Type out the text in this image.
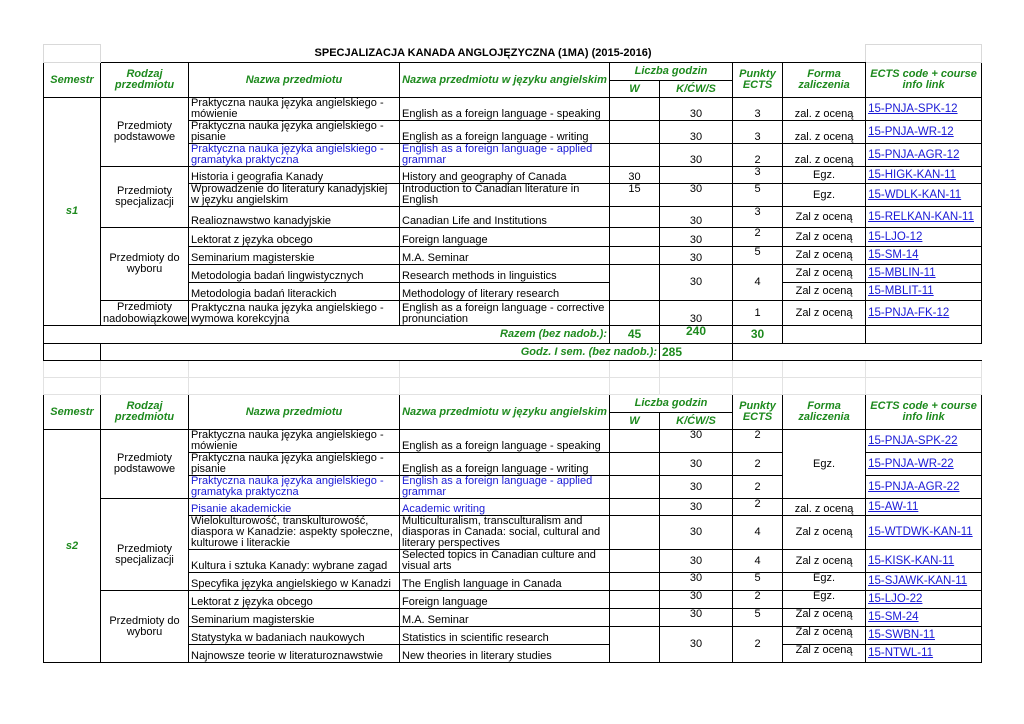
	SPECJALIZACJA KANADA ANGLOJĘZYCZNA (1MA) (2015-2016)							
Semestr	Rodzaj przedmiotu	Nazwa przedmiotu	Nazwa przedmiotu w języku angielskim	Liczba godzin		Punkty ECTS	Forma zaliczenia	ECTS code + course info link
				W	K/ĆW/S			
s1	Przedmioty podstawowe	Praktyczna nauka języka angielskiego - mówienie	English as a foreign language - speaking		30	3	zal. z oceną	15-PNJA-SPK-12
		Praktyczna nauka języka angielskiego - pisanie	English as a foreign language - writing		30	3	zal. z oceną	15-PNJA-WR-12
		Praktyczna nauka języka angielskiego - gramatyka praktyczna	English as a foreign language - applied grammar		30	2	zal. z oceną	15-PNJA-AGR-12
	Przedmioty specjalizacji	Historia i geografia Kanady	History and geography of Canada	30		3	Egz.	15-HIGK-KAN-11
		Wprowadzenie do literatury kanadyjskiej w języku angielskim	Introduction to Canadian literature in English	15	30	5	Egz.	15-WDLK-KAN-11
		Realioznawstwo kanadyjskie	Canadian Life and Institutions		30	3	Zal z oceną	15-RELKAN-KAN-11
	Przedmioty do wyboru	Lektorat z języka obcego	Foreign language		30	2	Zal z oceną	15-LJO-12
		Seminarium magisterskie	M.A. Seminar		30	5	Zal z oceną	15-SM-14
		Metodologia badań lingwistycznych	Research methods in linguistics		30	4	Zal z oceną	15-MBLIN-11
		Metodologia badań literackich	Methodology of literary research				Zal z oceną	15-MBLIT-11
	Przedmioty nadobowiązkowe	Praktyczna nauka języka angielskiego - wymowa korekcyjna	English as a foreign language - corrective pronunciation		30	1	Zal z oceną	15-PNJA-FK-12
Razem (bez nadob.):				45	240	30		
	Godz. I sem. (bez nadob.):				285			

Semestr	Rodzaj przedmiotu	Nazwa przedmiotu	Nazwa przedmiotu w języku angielskim	Liczba godzin		Punkty ECTS	Forma zaliczenia	ECTS code + course info link
				W	K/ĆW/S			
s2	Przedmioty podstawowe	Praktyczna nauka języka angielskiego - mówienie	English as a foreign language - speaking		30	2	Egz.	15-PNJA-SPK-22
		Praktyczna nauka języka angielskiego - pisanie	English as a foreign language - writing		30	2		15-PNJA-WR-22
		Praktyczna nauka języka angielskiego - gramatyka praktyczna	English as a foreign language - applied grammar		30	2		15-PNJA-AGR-22
	Przedmioty specjalizacji	Pisanie akademickie	Academic writing		30	2	zal. z oceną	15-AW-11
		Wielokulturowość, transkulturowość, diaspora w Kanadzie: aspekty społeczne, kulturowe i literackie	Multiculturalism, transculturalism and diasporas in Canada: social, cultural and literary perspectives		30	4	Zal z oceną	15-WTDWK-KAN-11
		Kultura i sztuka Kanady: wybrane zagad	Selected topics in Canadian culture and visual arts		30	4	Zal z oceną	15-KISK-KAN-11
		Specyfika języka angielskiego w Kanadzi	The English language in Canada		30	5	Egz.	15-SJAWK-KAN-11
	Przedmioty do wyboru	Lektorat z języka obcego	Foreign language		30	2	Egz.	15-LJO-22
		Seminarium magisterskie	M.A. Seminar		30	5	Zal z oceną	15-SM-24
		Statystyka w badaniach naukowych	Statistics in scientific research		30	2	Zal z oceną	15-SWBN-11
		Najnowsze teorie w literaturoznawstwie	New theories in literary studies				Zal z oceną	15-NTWL-11
